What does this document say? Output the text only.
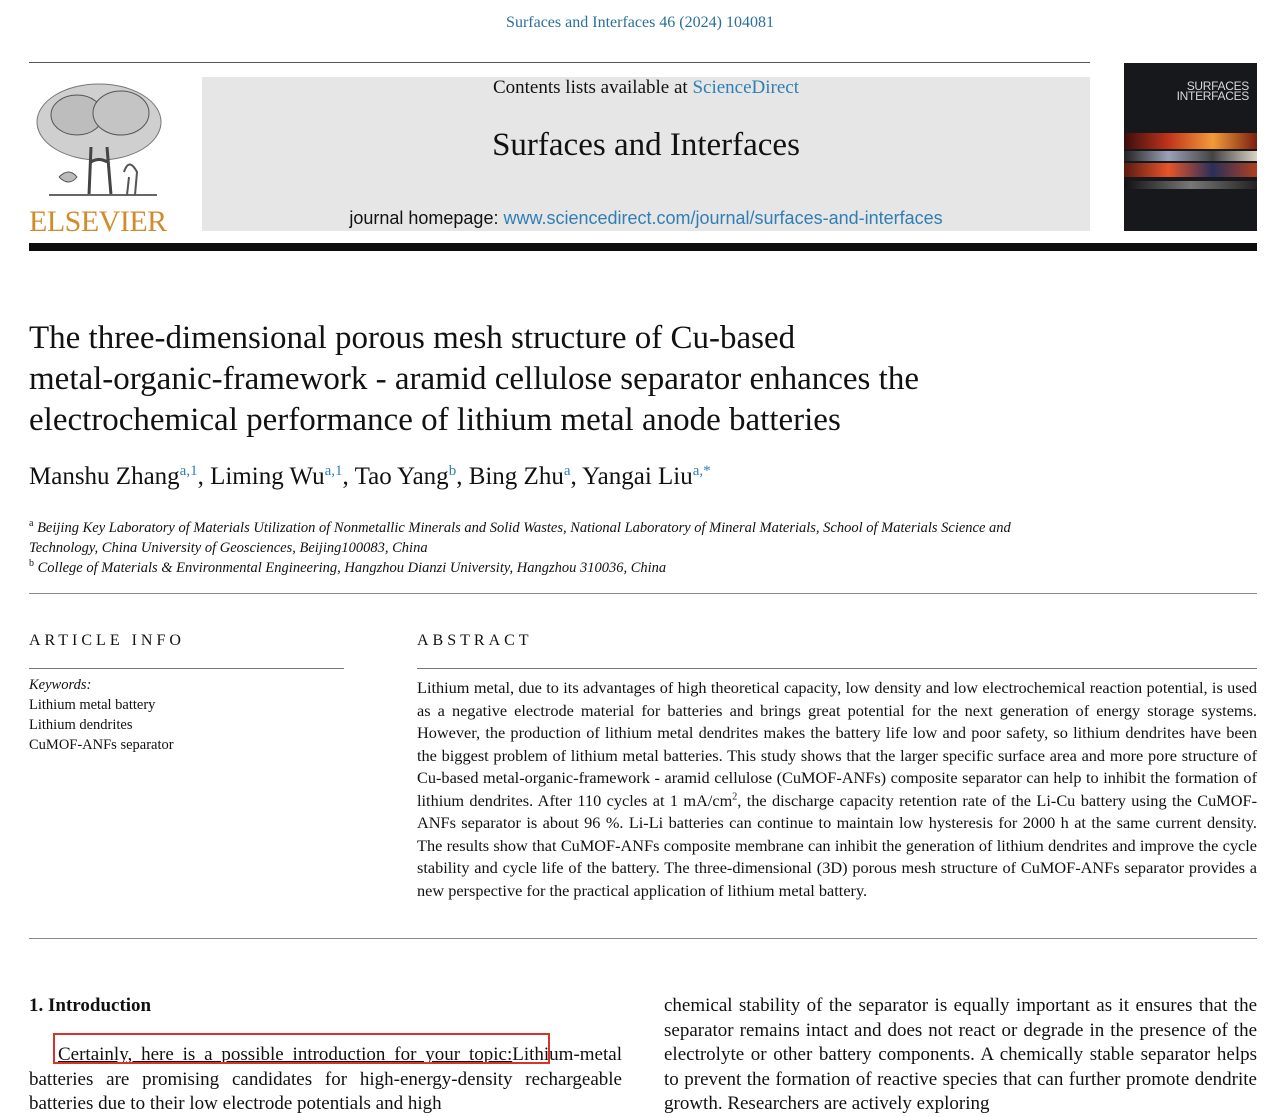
Surfaces and Interfaces 46 (2024) 104081
ELSEVIER
Contents lists available at ScienceDirect
Surfaces and Interfaces
journal homepage: www.sciencedirect.com/journal/surfaces-and-interfaces
SURFACES
INTERFACES
The three-dimensional porous mesh structure of Cu-based
metal-organic-framework - aramid cellulose separator enhances the
electrochemical performance of lithium metal anode batteries
Manshu Zhang$^{a,1}$, Liming Wu$^{a,1}$, Tao Yang$^b$, Bing Zhu$^a$, Yangai Liu$^{a,*}$
$^a$ Beijing Key Laboratory of Materials Utilization of Nonmetallic Minerals and Solid Wastes, National Laboratory of Mineral Materials, School of Materials Science and
Technology, China University of Geosciences, Beijing100083, China
$^b$ College of Materials & Environmental Engineering, Hangzhou Dianzi University, Hangzhou 310036, China
ARTICLE INFO
Keywords:
Lithium metal battery
Lithium dendrites
CuMOF-ANFs separator
ABSTRACT
Lithium metal, due to its advantages of high theoretical capacity, low density and low electrochemical reaction potential, is used as a negative electrode material for batteries and brings great potential for the next generation of energy storage systems. However, the production of lithium metal dendrites makes the battery life low and poor safety, so lithium dendrites have been the biggest problem of lithium metal batteries. This study shows that the larger specific surface area and more pore structure of Cu-based metal-organic-framework - aramid cellulose (CuMOF-ANFs) composite separator can help to inhibit the formation of lithium dendrites. After 110 cycles at 1 $mA/cm^2$, the discharge capacity retention rate of the Li-Cu battery using the CuMOF-ANFs separator is about 96 %. Li-Li batteries can continue to maintain low hysteresis for 2000 h at the same current density. The results show that CuMOF-ANFs composite membrane can inhibit the generation of lithium dendrites and improve the cycle stability and cycle life of the battery. The three-dimensional (3D) porous mesh structure of CuMOF-ANFs separator provides a new perspective for the practical application of lithium metal battery.
1. Introduction
Certainly, here is a possible introduction for your topic:Lithium-metal batteries are promising candidates for high-energy-density rechargeable batteries due to their low electrode potentials and high
chemical stability of the separator is equally important as it ensures that the separator remains intact and does not react or degrade in the presence of the electrolyte or other battery components. A chemically stable separator helps to prevent the formation of reactive species that can further promote dendrite growth. Researchers are actively exploring
